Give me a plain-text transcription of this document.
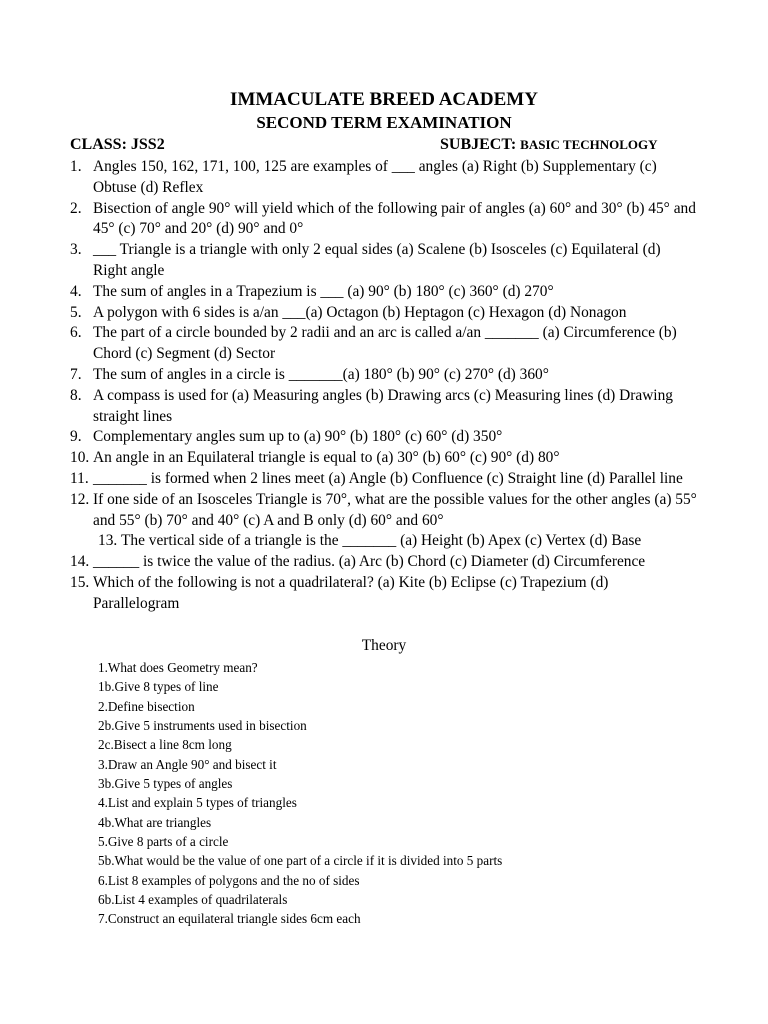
IMMACULATE BREED ACADEMY
SECOND TERM EXAMINATION
CLASS: JSS2	SUBJECT: BASIC TECHNOLOGY
1. Angles 150, 162, 171, 100, 125 are examples of ___ angles (a) Right (b) Supplementary (c) Obtuse (d) Reflex
2. Bisection of angle 90° will yield which of the following pair of angles (a) 60° and 30° (b) 45° and 45° (c) 70° and 20° (d) 90° and 0°
3. ___ Triangle is a triangle with only 2 equal sides (a) Scalene (b) Isosceles (c) Equilateral (d) Right angle
4. The sum of angles in a Trapezium is ___ (a) 90° (b) 180° (c) 360° (d) 270°
5. A polygon with 6 sides is a/an ___(a) Octagon (b) Heptagon (c) Hexagon (d) Nonagon
6. The part of a circle bounded by 2 radii and an arc is called a/an _______ (a) Circumference (b) Chord (c) Segment (d) Sector
7. The sum of angles in a circle is _______(a) 180° (b) 90° (c) 270° (d) 360°
8. A compass is used for (a) Measuring angles (b) Drawing arcs (c) Measuring lines (d) Drawing straight lines
9. Complementary angles sum up to (a) 90° (b) 180° (c) 60° (d) 350°
10. An angle in an Equilateral triangle is equal to (a) 30° (b) 60° (c) 90° (d) 80°
11. _______ is formed when 2 lines meet (a) Angle (b) Confluence (c) Straight line (d) Parallel line
12. If one side of an Isosceles Triangle is 70°, what are the possible values for the other angles (a) 55° and 55° (b) 70° and 40° (c) A and B only (d) 60° and 60°
13. The vertical side of a triangle is the _______ (a) Height (b) Apex (c) Vertex (d) Base
14. ______ is twice the value of the radius. (a) Arc (b) Chord (c) Diameter (d) Circumference
15. Which of the following is not a quadrilateral? (a) Kite (b) Eclipse (c) Trapezium (d) Parallelogram
Theory
1.What does Geometry mean?
1b.Give 8 types of line
2.Define bisection
2b.Give 5 instruments used in bisection
2c.Bisect a line 8cm long
3.Draw an Angle 90° and bisect it
3b.Give 5 types of angles
4.List and explain 5 types of triangles
4b.What are triangles
5.Give 8 parts of a circle
5b.What would be the value of one part of a circle if it is divided into 5 parts
6.List 8 examples of polygons and the no of sides
6b.List 4 examples of quadrilaterals
7.Construct an equilateral triangle sides 6cm each
